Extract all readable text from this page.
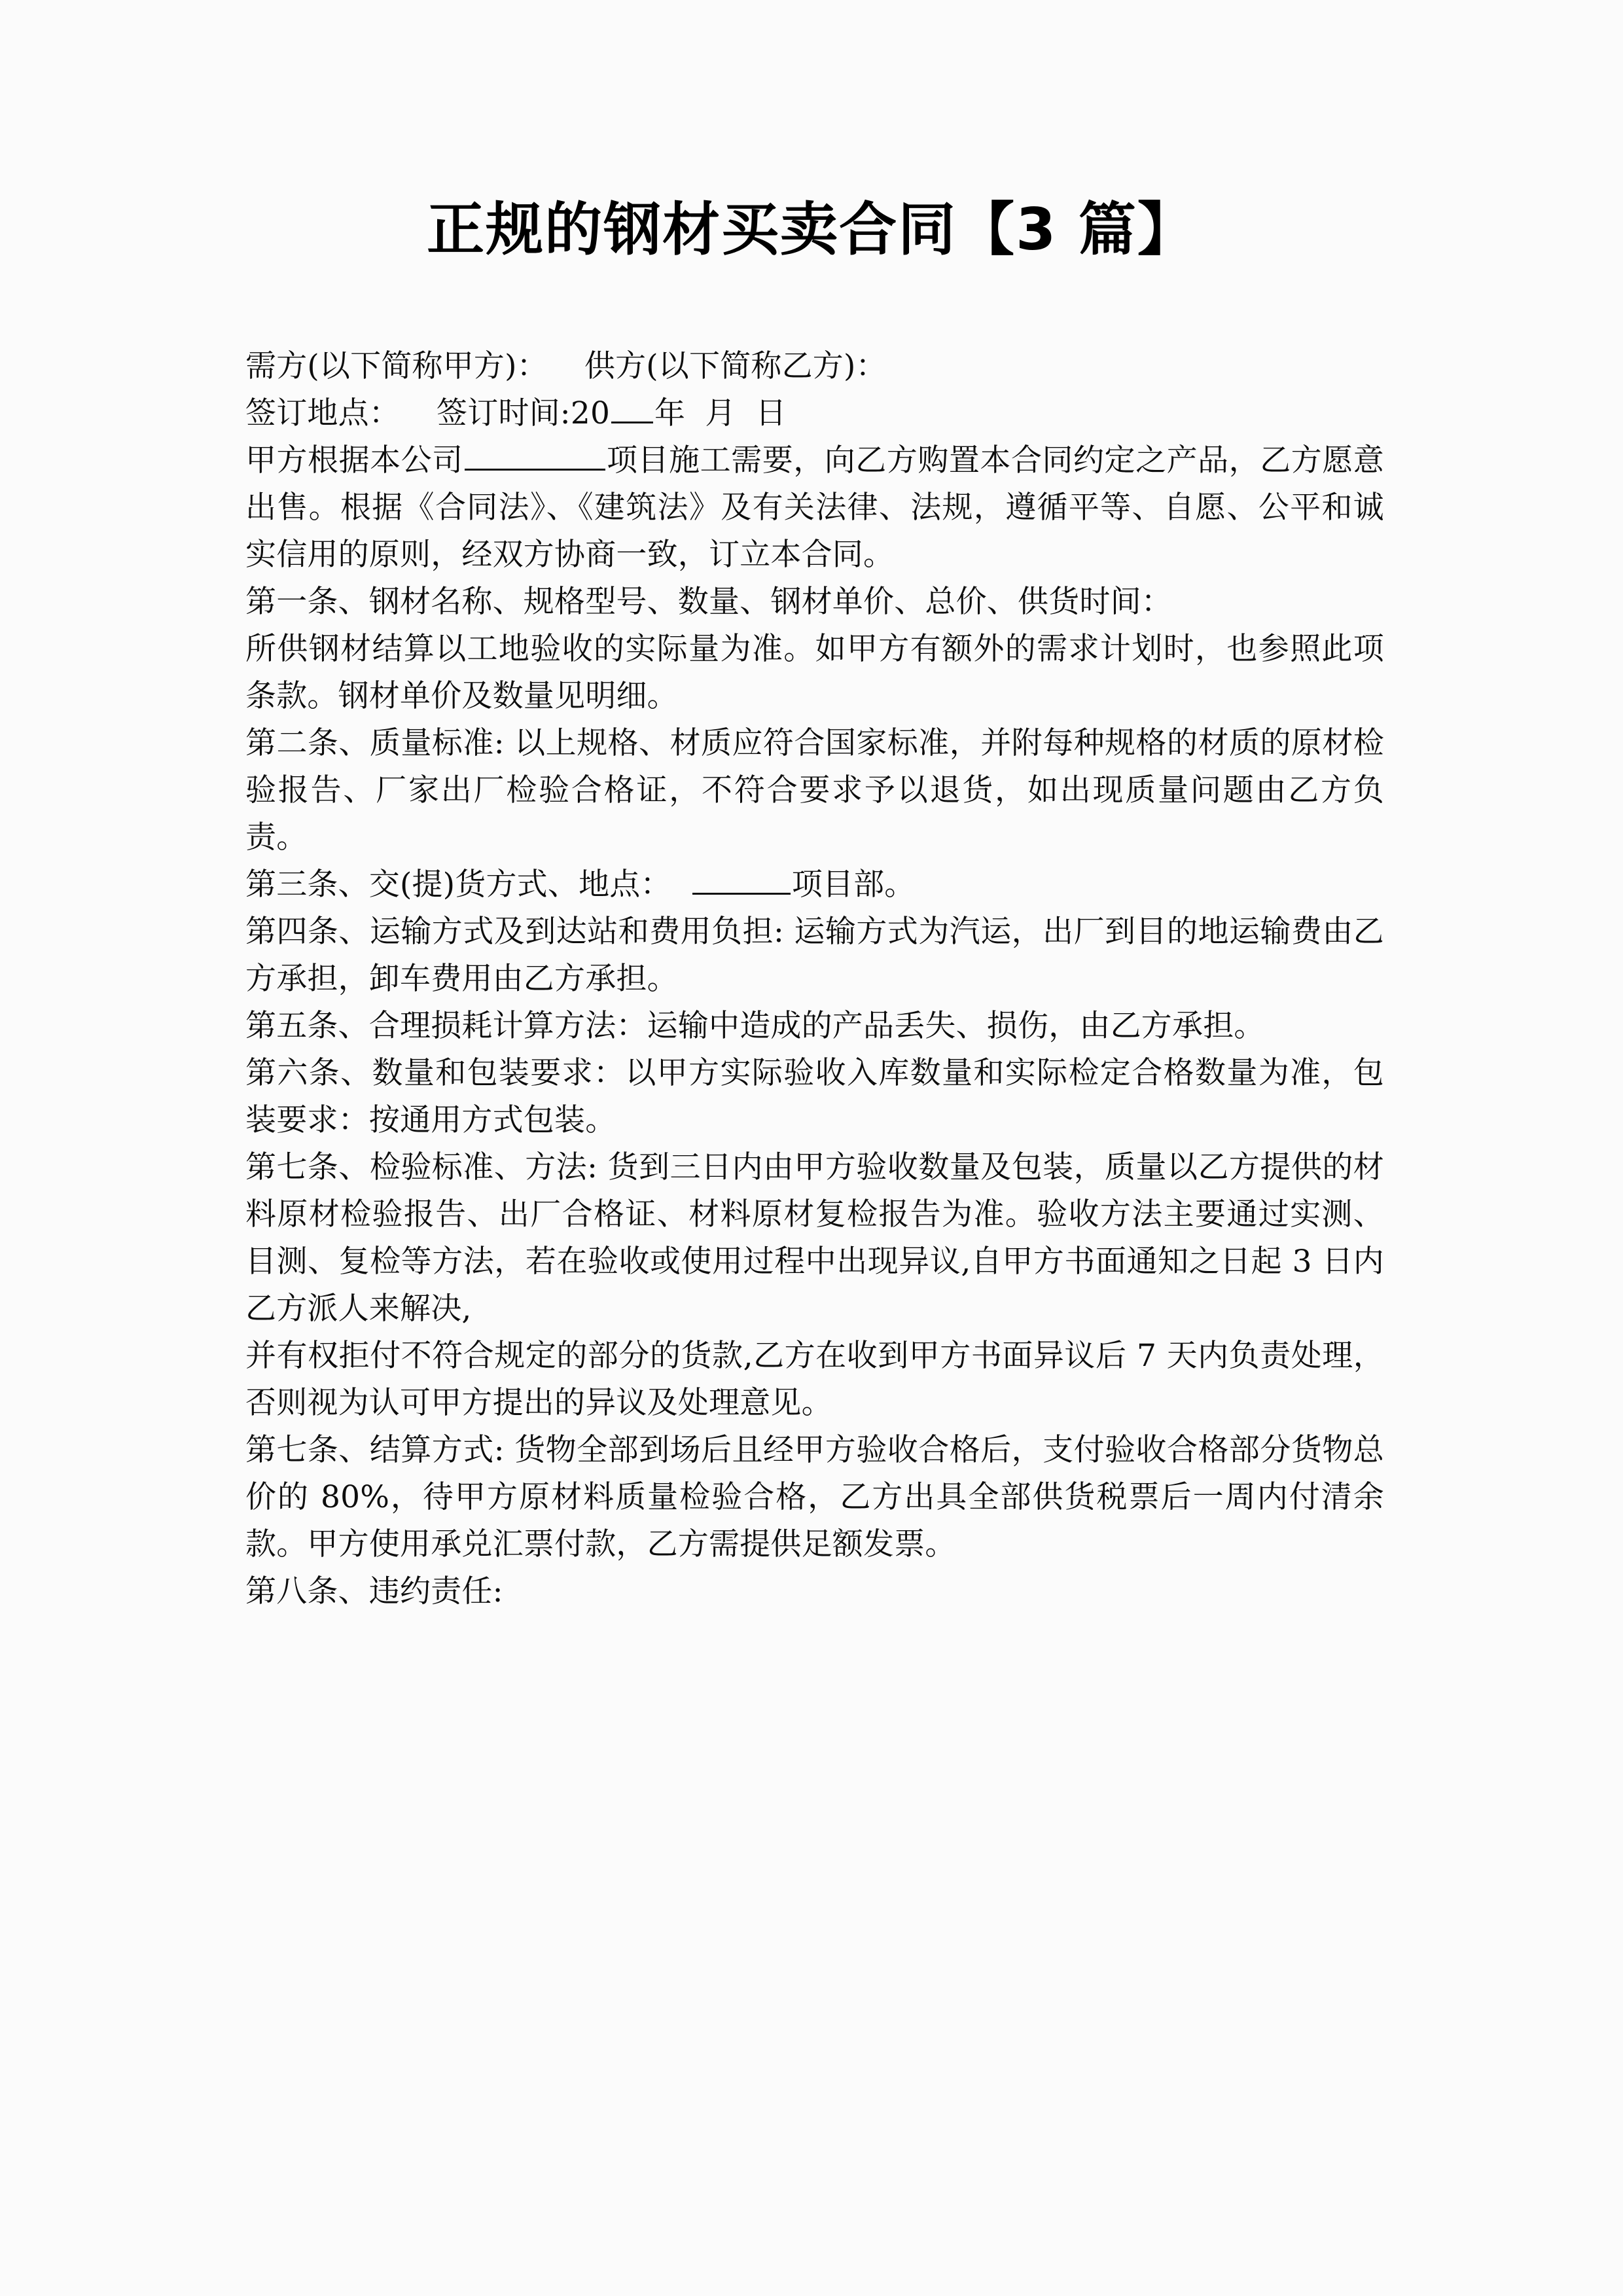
正规的钢材买卖合同【3 篇】

需方(以下简称甲方)： 供方(以下简称乙方)：

签订地点： 签订时间:20 年 月 日

甲方根据本公司	项目施工需要，向乙方购置本合同约定之产品，乙方愿意出售。根据《合同法》、《建筑法》及有关法律、法规，遵循平等、自愿、公平和诚实信用的原则，经双方协商一致，订立本合同。

第一条、钢材名称、规格型号、数量、钢材单价、总价、供货时间：

所供钢材结算以工地验收的实际量为准。如甲方有额外的需求计划时，也参照此项条款。钢材单价及数量见明细。

第二条、质量标准: 以上规格、材质应符合国家标准，并附每种规格的材质的原材检验报告、厂家出厂检验合格证，不符合要求予以退货，如出现质量问题由乙方负责。

第三条、交(提)货方式、地点：	项目部。

第四条、运输方式及到达站和费用负担: 运输方式为汽运，出厂到目的地运输费由乙方承担，卸车费用由乙方承担。

第五条、合理损耗计算方法：运输中造成的产品丢失、损伤，由乙方承担。

第六条、数量和包装要求：以甲方实际验收入库数量和实际检定合格数量为准，包装要求：按通用方式包装。

第七条、检验标准、方法: 货到三日内由甲方验收数量及包装，质量以乙方提供的材料原材检验报告、出厂合格证、材料原材复检报告为准。验收方法主要通过实测、目测、复检等方法，若在验收或使用过程中出现异议,自甲方书面通知之日起 3 日内乙方派人来解决,

并有权拒付不符合规定的部分的货款,乙方在收到甲方书面异议后 7 天内负责处理，否则视为认可甲方提出的异议及处理意见。

第七条、结算方式: 货物全部到场后且经甲方验收合格后，支付验收合格部分货物总价的 80%，待甲方原材料质量检验合格，乙方出具全部供货税票后一周内付清余款。甲方使用承兑汇票付款，乙方需提供足额发票。

第八条、违约责任:
